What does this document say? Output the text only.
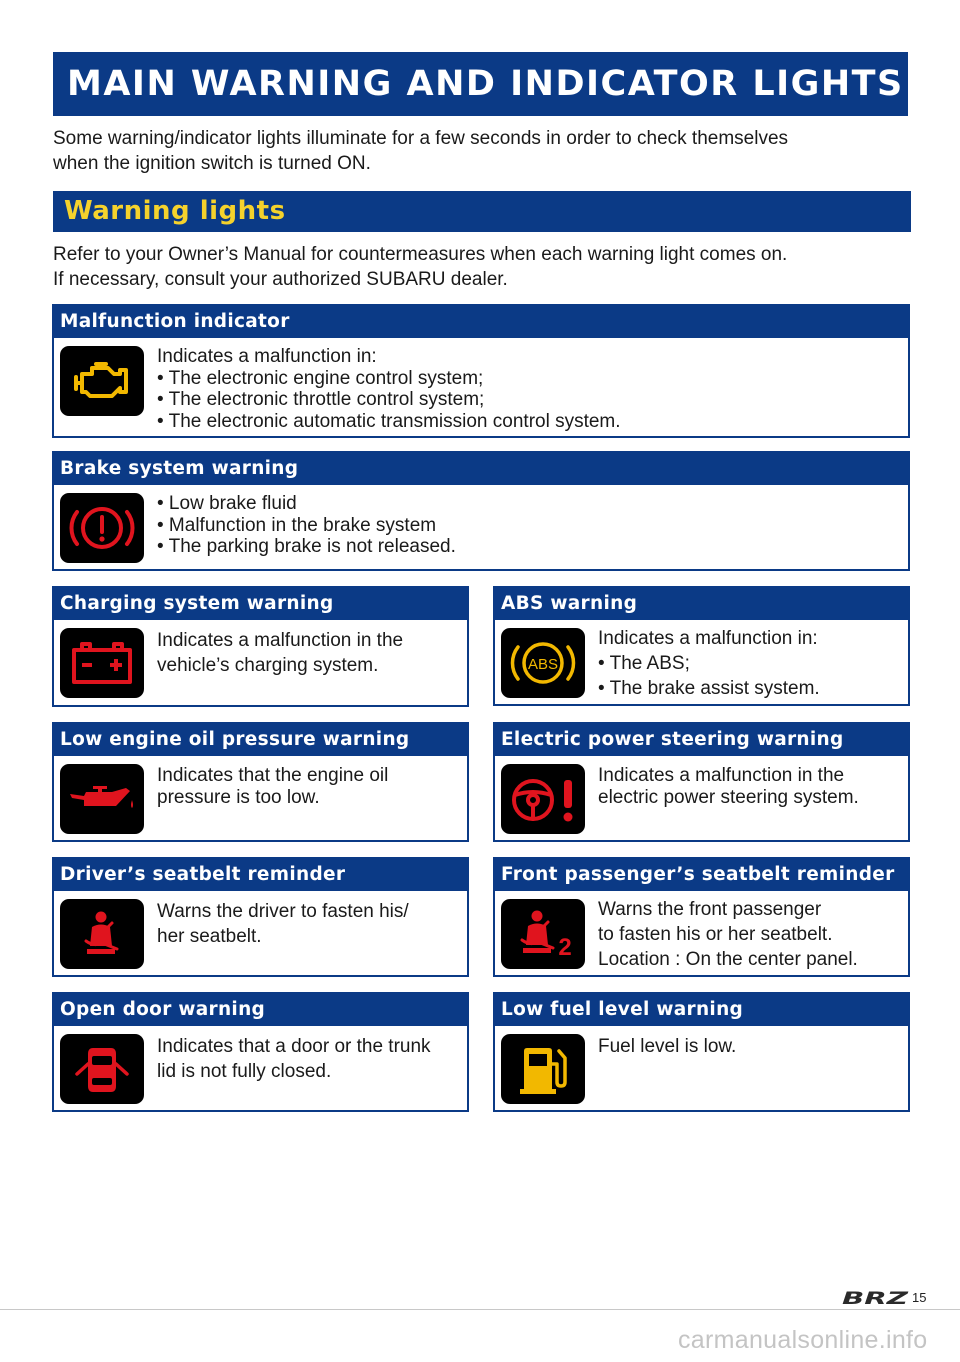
MAIN WARNING AND INDICATOR LIGHTS

Some warning/indicator lights illuminate for a few seconds in order to check themselves
when the ignition switch is turned ON.

Warning lights

Refer to your Owner’s Manual for countermeasures when each warning light comes on.
If necessary, consult your authorized SUBARU dealer.

Malfunction indicator
Indicates a malfunction in:
• The electronic engine control system;
• The electronic throttle control system;
• The electronic automatic transmission control system.
Brake system warning
• Low brake fluid
• Malfunction in the brake system
• The parking brake is not released.
Charging system warning
Indicates a malfunction in the
vehicle’s charging system.
ABS warning
ABS
Indicates a malfunction in:
• The ABS;
• The brake assist system.
Low engine oil pressure warning
Indicates that the engine oil
pressure is too low.
Electric power steering warning
Indicates a malfunction in the
electric power steering system.
Driver’s seatbelt reminder
Warns the driver to fasten his/
her seatbelt.
Front passenger’s seatbelt reminder
2
Warns the front passenger
to fasten his or her seatbelt.
Location : On the center panel.
Open door warning
Indicates that a door or the trunk
lid is not fully closed.
Low fuel level warning
Fuel level is low.
BRZ 15
carmanualsonline.info
